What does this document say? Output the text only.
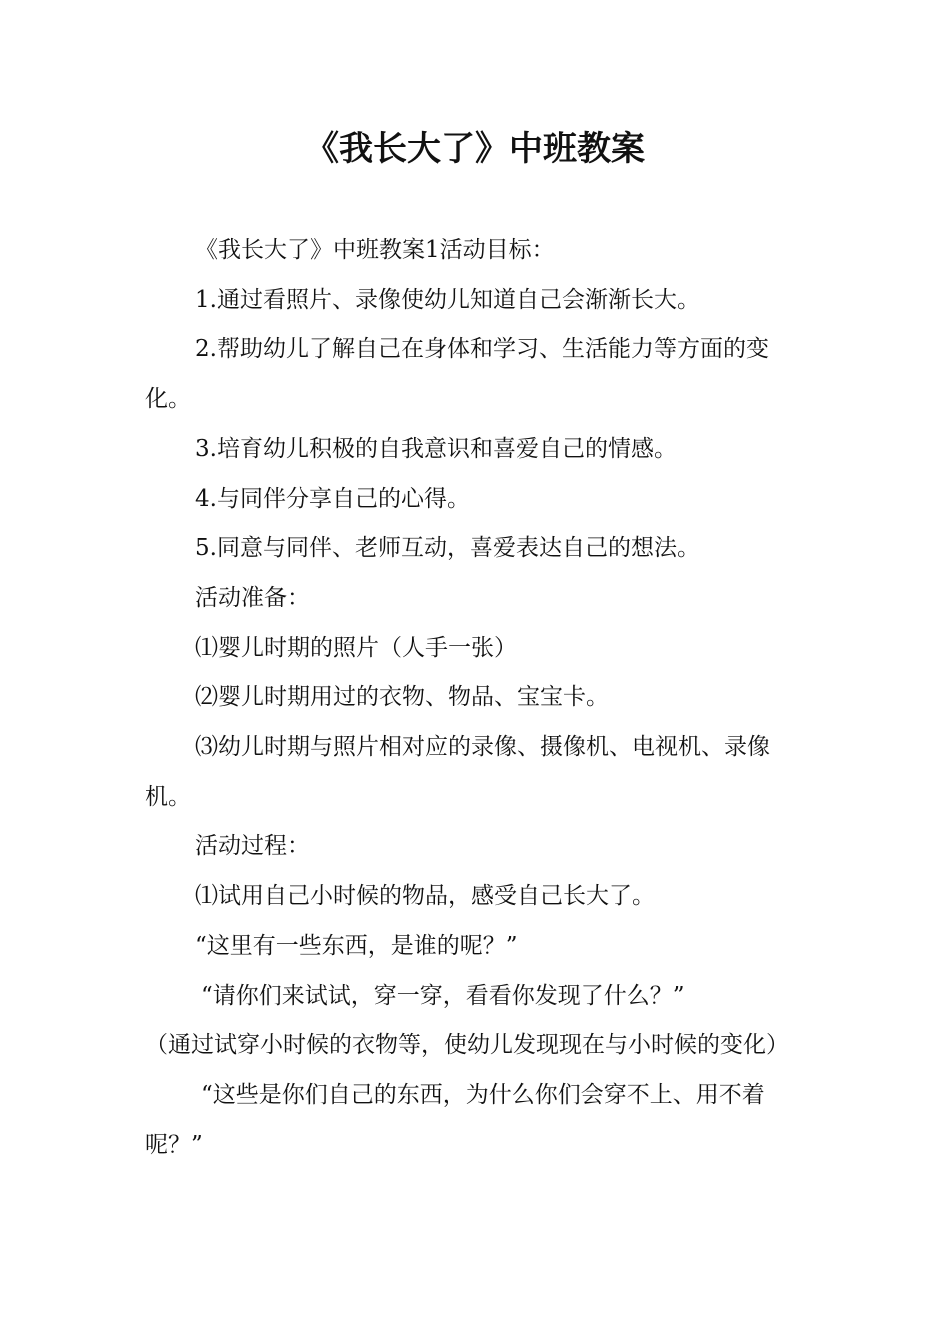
《我长大了》中班教案

《我长大了》中班教案1活动目标：

1.通过看照片、录像使幼儿知道自己会渐渐长大。

2.帮助幼儿了解自己在身体和学习、生活能力等方面的变化。

3.培育幼儿积极的自我意识和喜爱自己的情感。

4.与同伴分享自己的心得。

5.同意与同伴、老师互动，喜爱表达自己的想法。

活动准备：

⑴婴儿时期的照片（人手一张）

⑵婴儿时期用过的衣物、物品、宝宝卡。

⑶幼儿时期与照片相对应的录像、摄像机、电视机、录像机。

活动过程：

⑴试用自己小时候的物品，感受自己长大了。

“这里有一些东西，是谁的呢？”

“请你们来试试，穿一穿，看看你发现了什么？”

（通过试穿小时候的衣物等，使幼儿发现现在与小时候的变化）

“这些是你们自己的东西，为什么你们会穿不上、用不着呢？”
